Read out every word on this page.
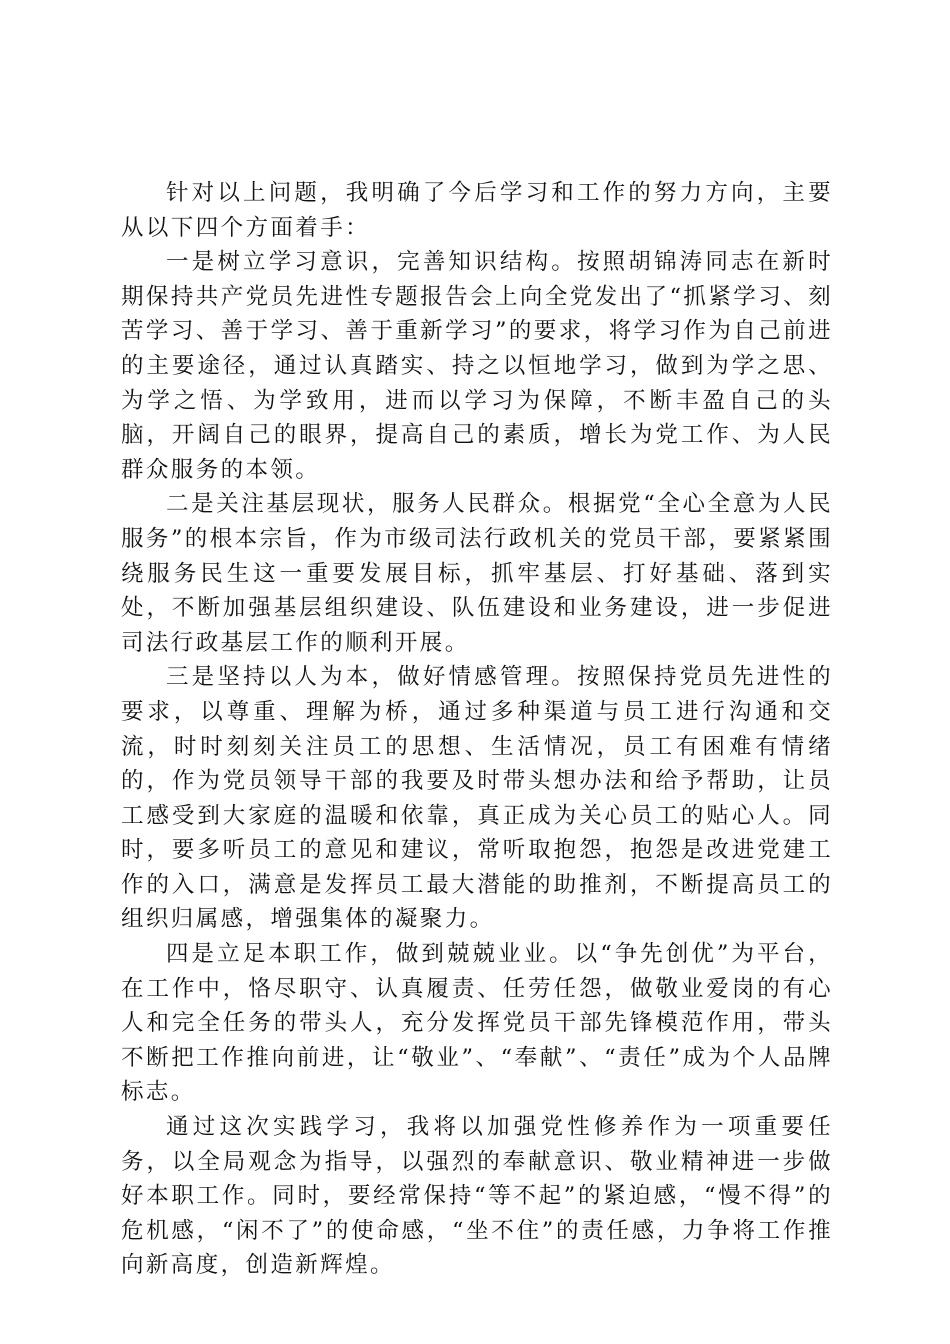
针对以上问题，我明确了今后学习和工作的努力方向，主要从以下四个方面着手：

一是树立学习意识，完善知识结构。按照胡锦涛同志在新时期保持共产党员先进性专题报告会上向全党发出了“抓紧学习、刻苦学习、善于学习、善于重新学习”的要求，将学习作为自己前进的主要途径，通过认真踏实、持之以恒地学习，做到为学之思、为学之悟、为学致用，进而以学习为保障，不断丰盈自己的头脑，开阔自己的眼界，提高自己的素质，增长为党工作、为人民群众服务的本领。

二是关注基层现状，服务人民群众。根据党“全心全意为人民服务”的根本宗旨，作为市级司法行政机关的党员干部，要紧紧围绕服务民生这一重要发展目标，抓牢基层、打好基础、落到实处，不断加强基层组织建设、队伍建设和业务建设，进一步促进司法行政基层工作的顺利开展。

三是坚持以人为本，做好情感管理。按照保持党员先进性的要求，以尊重、理解为桥，通过多种渠道与员工进行沟通和交流，时时刻刻关注员工的思想、生活情况，员工有困难有情绪的，作为党员领导干部的我要及时带头想办法和给予帮助，让员工感受到大家庭的温暖和依靠，真正成为关心员工的贴心人。同时，要多听员工的意见和建议，常听取抱怨，抱怨是改进党建工作的入口，满意是发挥员工最大潜能的助推剂，不断提高员工的组织归属感，增强集体的凝聚力。

四是立足本职工作，做到兢兢业业。以“争先创优”为平台，在工作中，恪尽职守、认真履责、任劳任怨，做敬业爱岗的有心人和完全任务的带头人，充分发挥党员干部先锋模范作用，带头不断把工作推向前进，让“敬业”、“奉献”、“责任”成为个人品牌标志。

通过这次实践学习，我将以加强党性修养作为一项重要任务，以全局观念为指导，以强烈的奉献意识、敬业精神进一步做好本职工作。同时，要经常保持“等不起”的紧迫感，“慢不得”的危机感，“闲不了”的使命感，“坐不住”的责任感，力争将工作推向新高度，创造新辉煌。
